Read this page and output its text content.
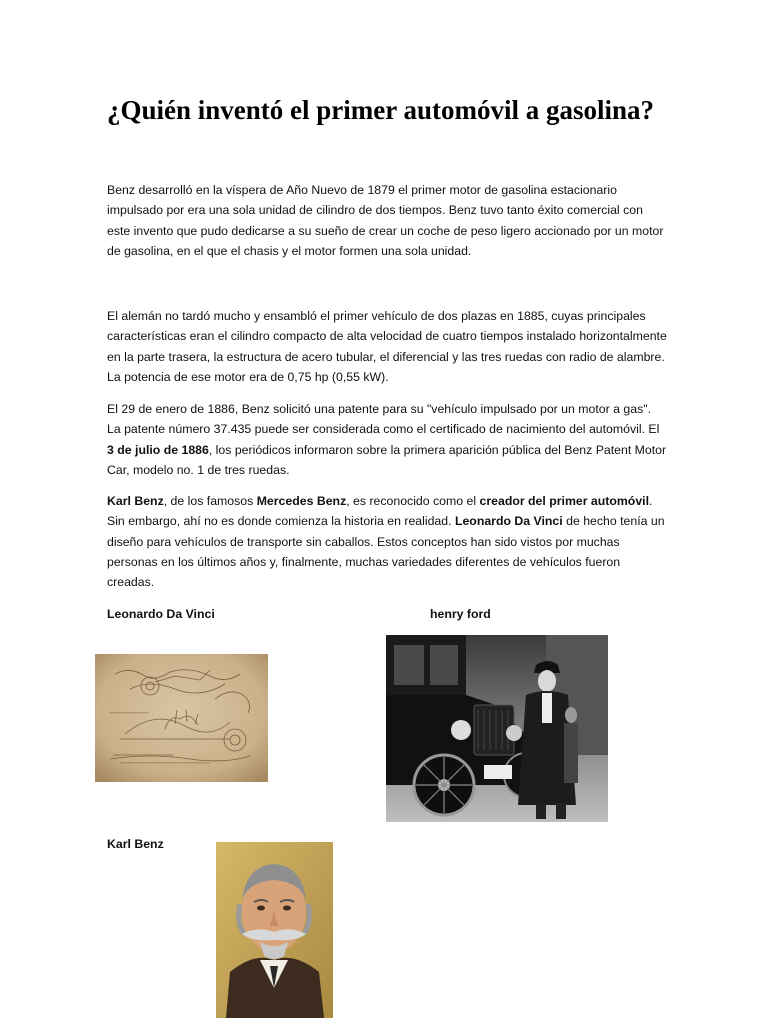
¿Quién inventó el primer automóvil a gasolina?

Benz desarrolló en la víspera de Año Nuevo de 1879 el primer motor de gasolina estacionario impulsado por era una sola unidad de cilindro de dos tiempos. Benz tuvo tanto éxito comercial con este invento que pudo dedicarse a su sueño de crear un coche de peso ligero accionado por un motor de gasolina, en el que el chasis y el motor formen una sola unidad.

El alemán no tardó mucho y ensambló el primer vehículo de dos plazas en 1885, cuyas principales características eran el cilindro compacto de alta velocidad de cuatro tiempos instalado horizontalmente en la parte trasera, la estructura de acero tubular, el diferencial y las tres ruedas con radio de alambre. La potencia de ese motor era de 0,75 hp (0,55 kW).

El 29 de enero de 1886, Benz solicitó una patente para su "vehículo impulsado por un motor a gas". La patente número 37.435 puede ser considerada como el certificado de nacimiento del automóvil. El 3 de julio de 1886, los periódicos informaron sobre la primera aparición pública del Benz Patent Motor Car, modelo no. 1 de tres ruedas.

Karl Benz, de los famosos Mercedes Benz, es reconocido como el creador del primer automóvil. Sin embargo, ahí no es donde comienza la historia en realidad. Leonardo Da Vinci de hecho tenía un diseño para vehículos de transporte sin caballos. Estos conceptos han sido vistos por muchas personas en los últimos años y, finalmente, muchas variedades diferentes de vehículos fueron creadas.

Leonardo Da Vinci	henry ford

Karl Benz
